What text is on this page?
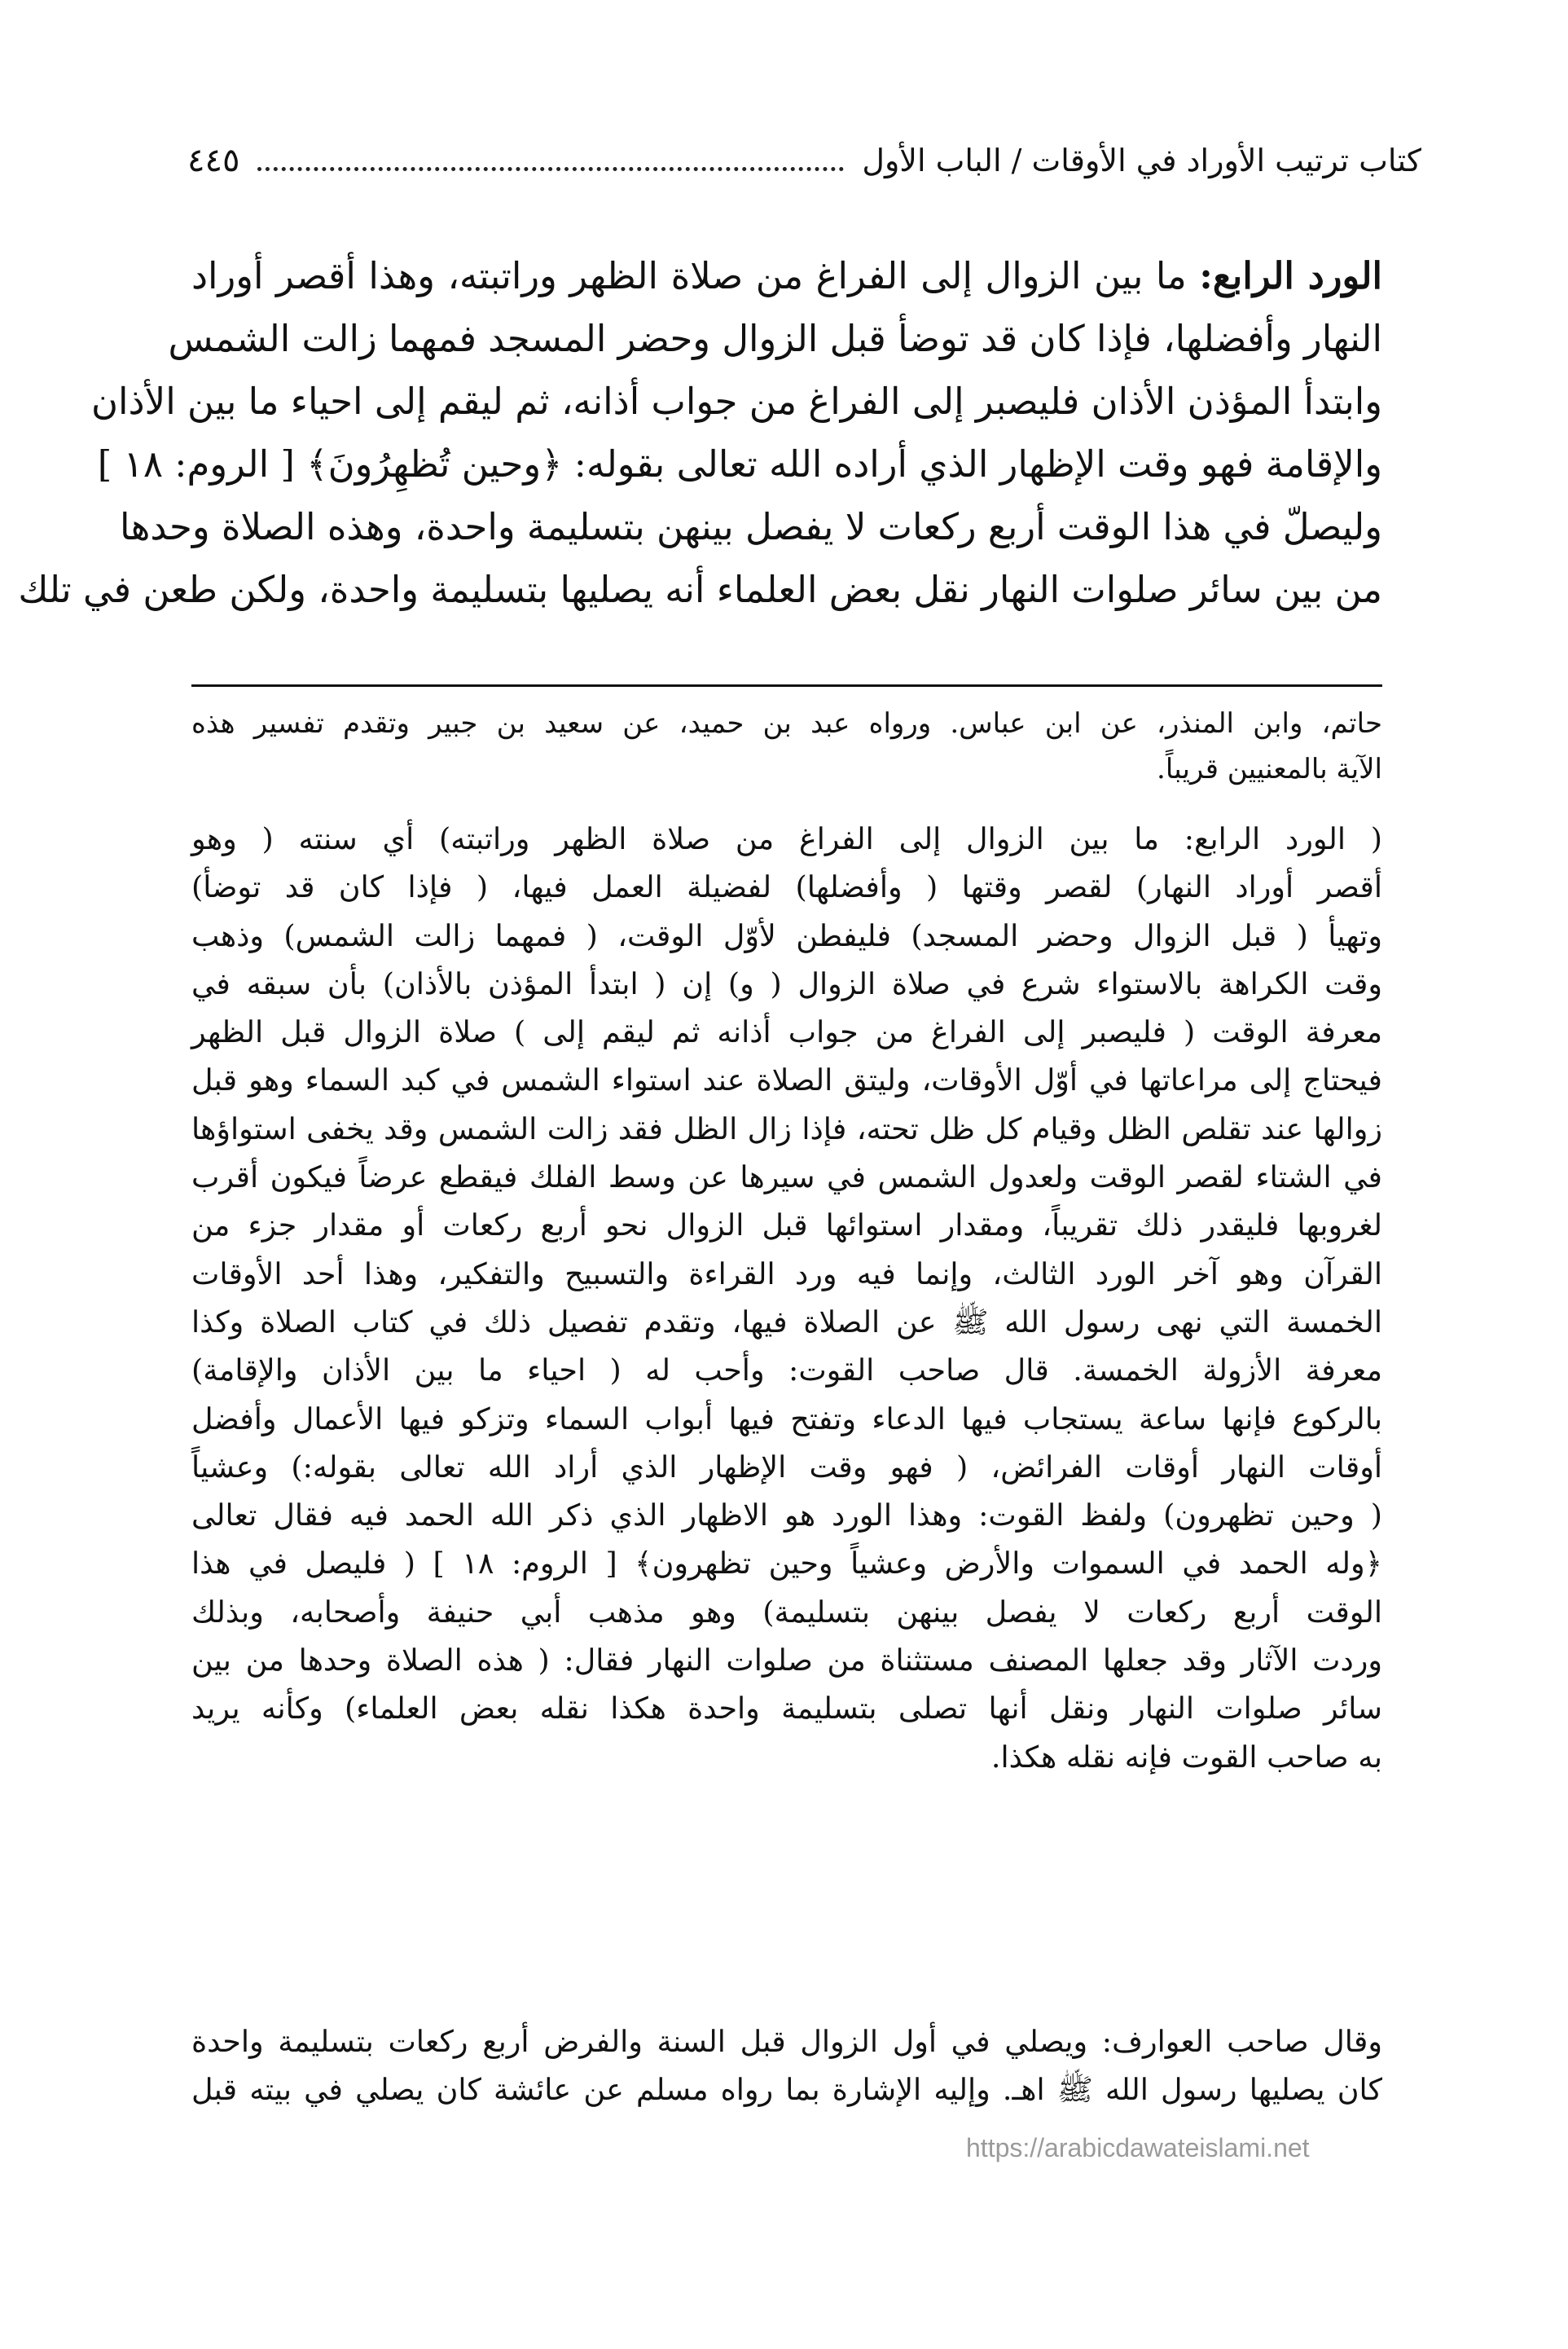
كتاب ترتيب الأوراد في الأوقات / الباب الأول
٤٤٥
الورد الرابع: ما بين الزوال إلى الفراغ من صلاة الظهر وراتبته، وهذا أقصر أوراد
النهار وأفضلها، فإذا كان قد توضأ قبل الزوال وحضر المسجد فمهما زالت الشمس
وابتدأ المؤذن الأذان فليصبر إلى الفراغ من جواب أذانه، ثم ليقم إلى احياء ما بين الأذان
والإقامة فهو وقت الإظهار الذي أراده الله تعالى بقوله: ﴿وحين تُظهِرُونَ﴾ [ الروم: ١٨ ]
وليصلّ في هذا الوقت أربع ركعات لا يفصل بينهن بتسليمة واحدة، وهذه الصلاة وحدها
من بين سائر صلوات النهار نقل بعض العلماء أنه يصليها بتسليمة واحدة، ولكن طعن في تلك
حاتم، وابن المنذر، عن ابن عباس. ورواه عبد بن حميد، عن سعيد بن جبير وتقدم تفسير هذه
الآية بالمعنيين قريباً.
( الورد الرابع: ما بين الزوال إلى الفراغ من صلاة الظهر وراتبته) أي سنته ( وهو
أقصر أوراد النهار) لقصر وقتها ( وأفضلها) لفضيلة العمل فيها، ( فإذا كان قد توضأ)
وتهيأ ( قبل الزوال وحضر المسجد) فليفطن لأوّل الوقت، ( فمهما زالت الشمس) وذهب
وقت الكراهة بالاستواء شرع في صلاة الزوال ( و) إن ( ابتدأ المؤذن بالأذان) بأن سبقه في
معرفة الوقت ( فليصبر إلى الفراغ من جواب أذانه ثم ليقم إلى ) صلاة الزوال قبل الظهر
فيحتاج إلى مراعاتها في أوّل الأوقات، وليتق الصلاة عند استواء الشمس في كبد السماء وهو قبل
زوالها عند تقلص الظل وقيام كل ظل تحته، فإذا زال الظل فقد زالت الشمس وقد يخفى استواؤها
في الشتاء لقصر الوقت ولعدول الشمس في سيرها عن وسط الفلك فيقطع عرضاً فيكون أقرب
لغروبها فليقدر ذلك تقريباً، ومقدار استوائها قبل الزوال نحو أربع ركعات أو مقدار جزء من
القرآن وهو آخر الورد الثالث، وإنما فيه ورد القراءة والتسبيح والتفكير، وهذا أحد الأوقات
الخمسة التي نهى رسول الله ﷺ عن الصلاة فيها، وتقدم تفصيل ذلك في كتاب الصلاة وكذا
معرفة الأزولة الخمسة. قال صاحب القوت: وأحب له ( احياء ما بين الأذان والإقامة)
بالركوع فإنها ساعة يستجاب فيها الدعاء وتفتح فيها أبواب السماء وتزكو فيها الأعمال وأفضل
أوقات النهار أوقات الفرائض، ( فهو وقت الإظهار الذي أراد الله تعالى بقوله:) وعشياً
( وحين تظهرون) ولفظ القوت: وهذا الورد هو الاظهار الذي ذكر الله الحمد فيه فقال تعالى
﴿وله الحمد في السموات والأرض وعشياً وحين تظهرون﴾ [ الروم: ١٨ ] ( فليصل في هذا
الوقت أربع ركعات لا يفصل بينهن بتسليمة) وهو مذهب أبي حنيفة وأصحابه، وبذلك
وردت الآثار وقد جعلها المصنف مستثناة من صلوات النهار فقال: ( هذه الصلاة وحدها من بين
سائر صلوات النهار ونقل أنها تصلى بتسليمة واحدة هكذا نقله بعض العلماء) وكأنه يريد
به صاحب القوت فإنه نقله هكذا.
وقال صاحب العوارف: ويصلي في أول الزوال قبل السنة والفرض أربع ركعات بتسليمة واحدة
كان يصليها رسول الله ﷺ اهـ. وإليه الإشارة بما رواه مسلم عن عائشة كان يصلي في بيته قبل
https://arabicdawateislami.net
